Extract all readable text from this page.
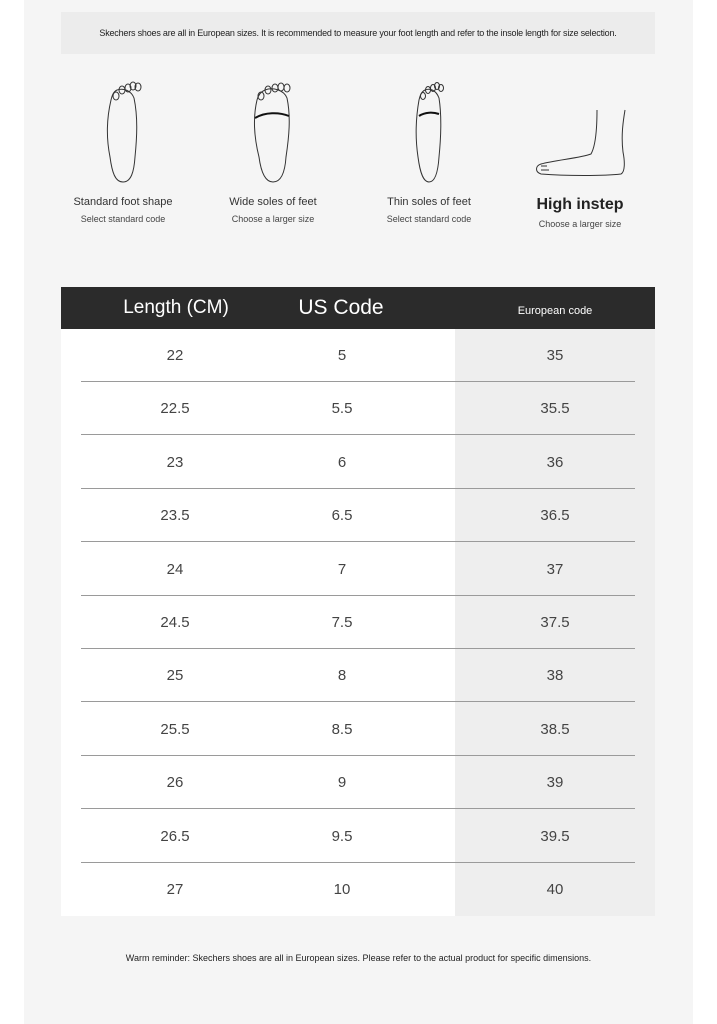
Skechers shoes are all in European sizes. It is recommended to measure your foot length and refer to the insole length for size selection.
Standard foot shape
Select standard code
Wide soles of feet
Choose a larger size
Thin soles of feet
Select standard code
High instep
Choose a larger size
Length (CM)	US Code	European code
22	5	35
22.5	5.5	35.5
23	6	36
23.5	6.5	36.5
24	7	37
24.5	7.5	37.5
25	8	38
25.5	8.5	38.5
26	9	39
26.5	9.5	39.5
27	10	40
Warm reminder: Skechers shoes are all in European sizes. Please refer to the actual product for specific dimensions.
